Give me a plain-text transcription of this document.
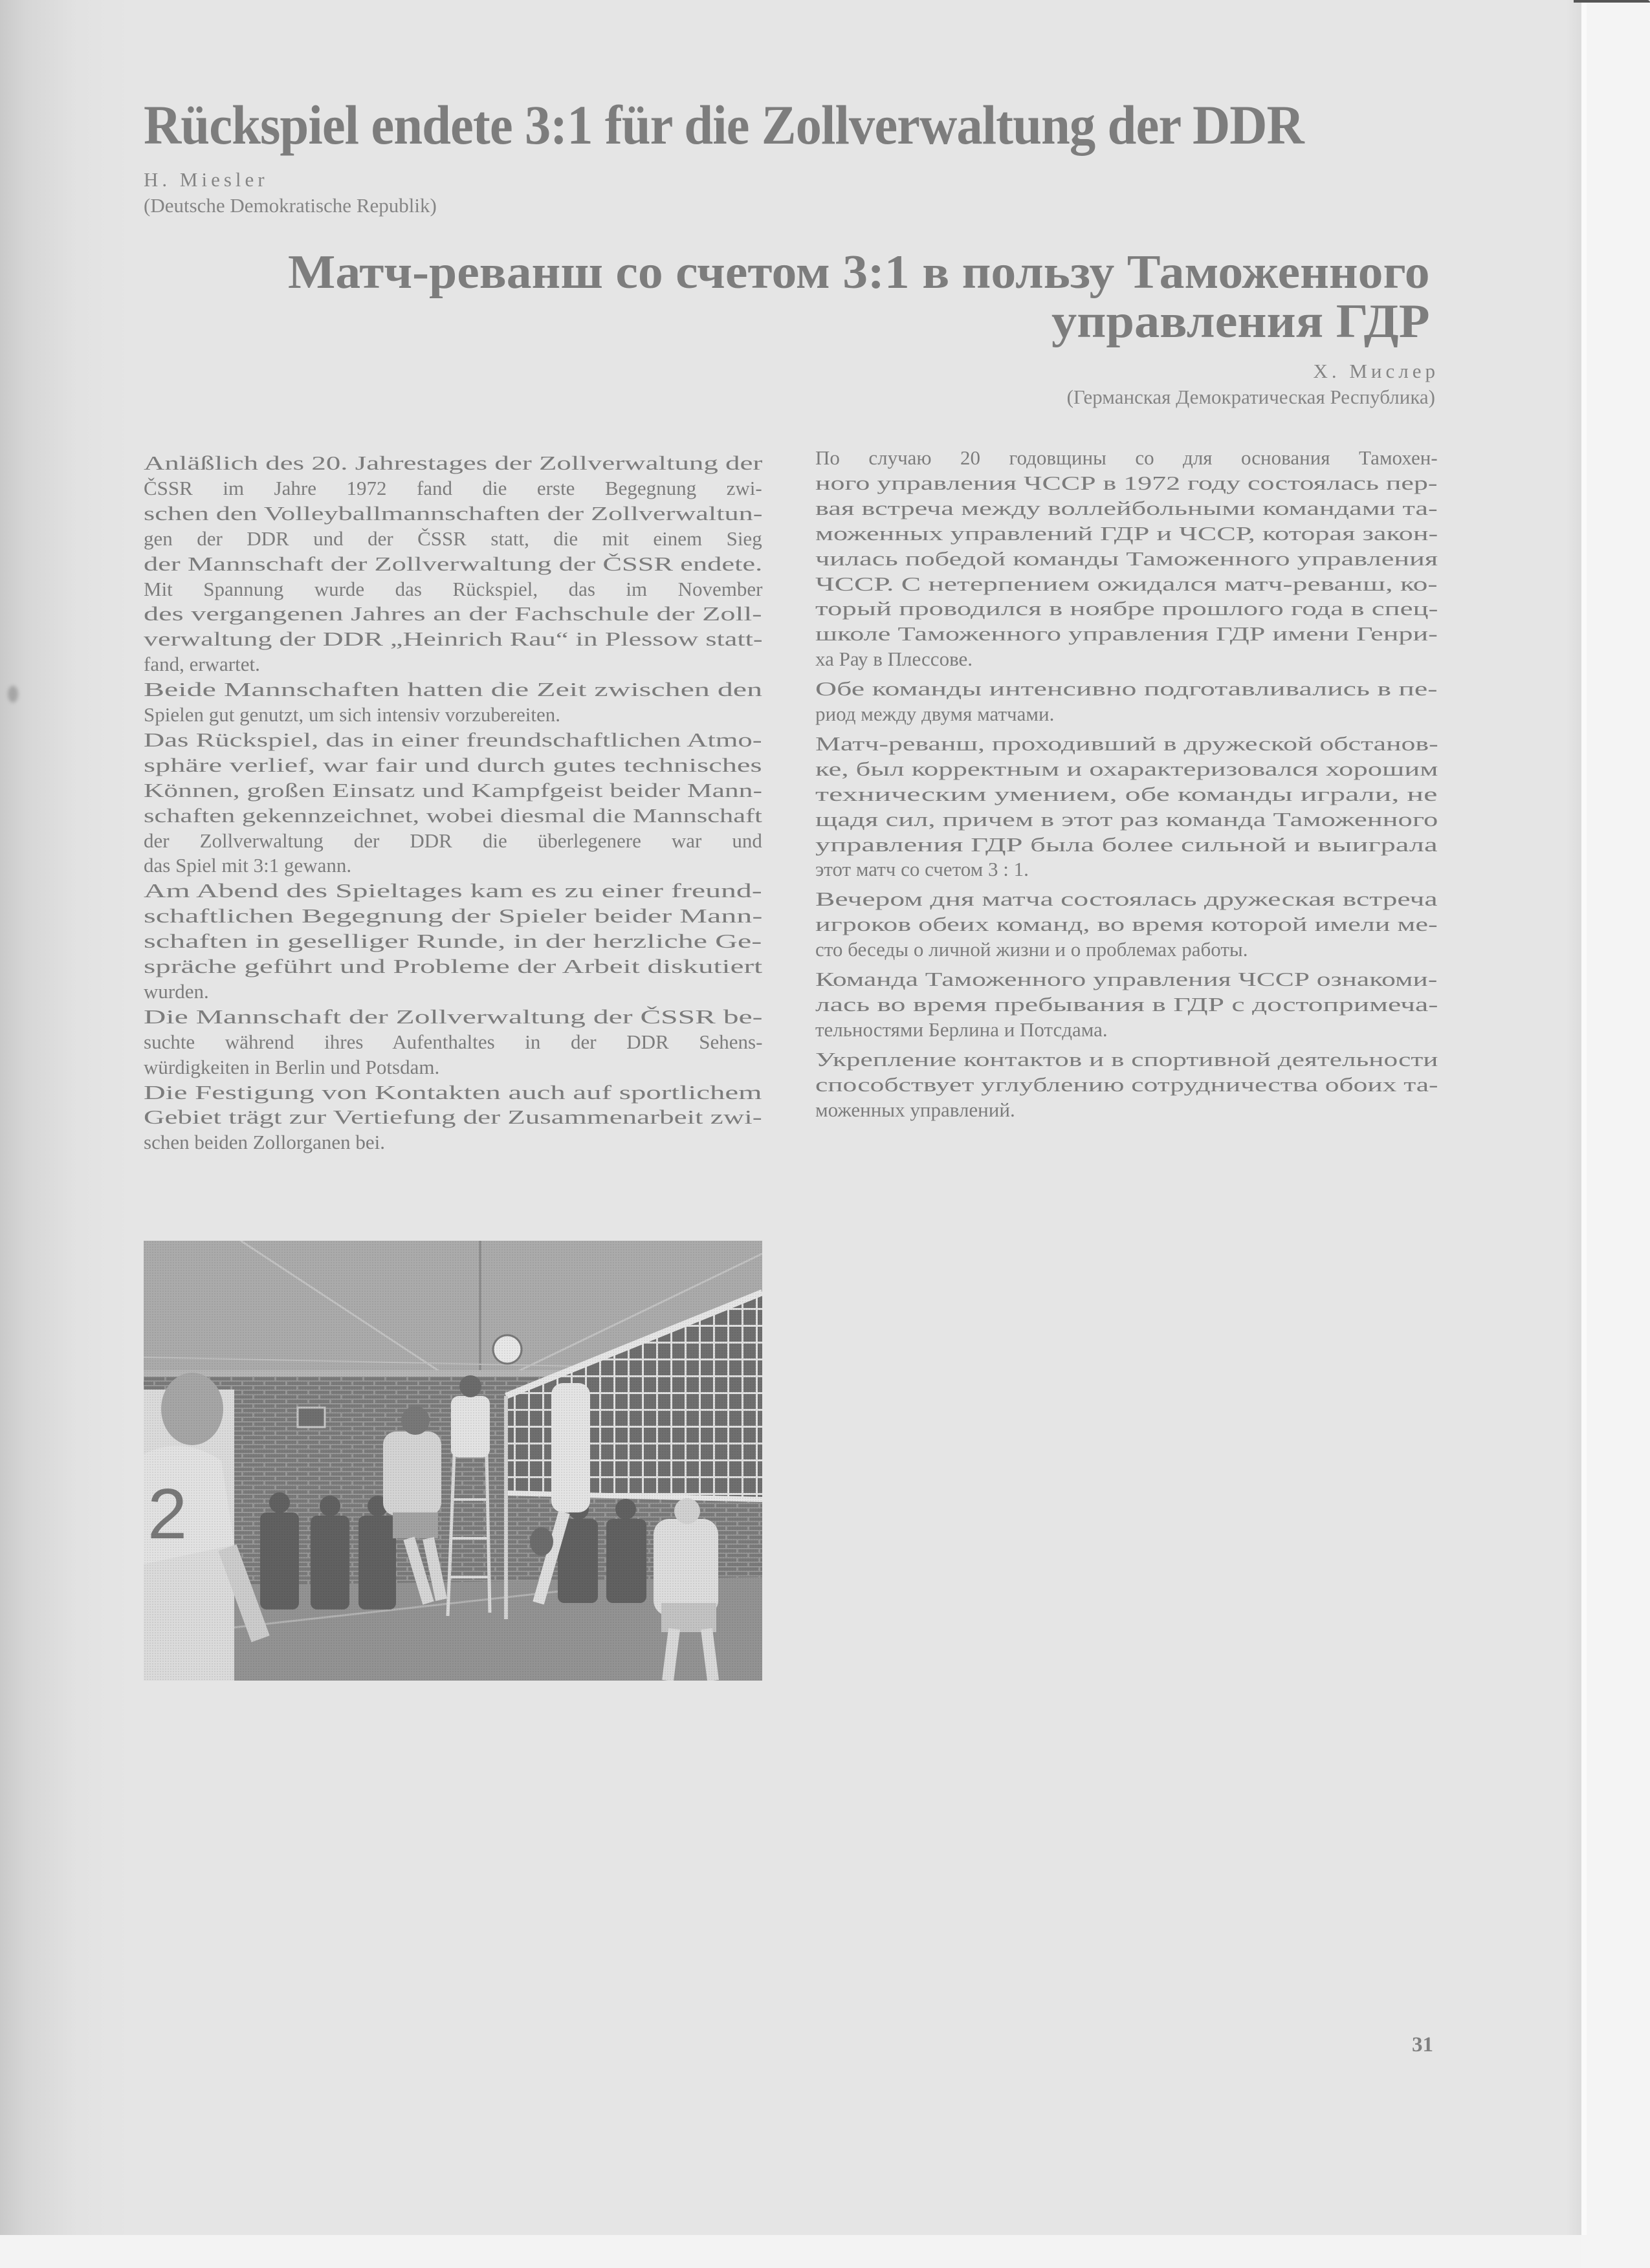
Rückspiel endete 3:1 für die Zollverwaltung der DDR
H. Miesler
(Deutsche Demokratische Republik)
Матч-реванш со счетом 3:1 в пользу Таможенного
управления ГДР
Х. Мислер
(Германская Демократическая Республика)
Anläßlich des 20. Jahrestages der Zollverwaltung der
ČSSR im Jahre 1972 fand die erste Begegnung zwi-
schen den Volleyballmannschaften der Zollverwaltun-
gen der DDR und der ČSSR statt, die mit einem Sieg
der Mannschaft der Zollverwaltung der ČSSR endete.
Mit Spannung wurde das Rückspiel, das im November
des vergangenen Jahres an der Fachschule der Zoll-
verwaltung der DDR „Heinrich Rau“ in Plessow statt-
fand, erwartet.
Beide Mannschaften hatten die Zeit zwischen den
Spielen gut genutzt, um sich intensiv vorzubereiten.
Das Rückspiel, das in einer freundschaftlichen Atmo-
sphäre verlief, war fair und durch gutes technisches
Können, großen Einsatz und Kampfgeist beider Mann-
schaften gekennzeichnet, wobei diesmal die Mannschaft
der Zollverwaltung der DDR die überlegenere war und
das Spiel mit 3:1 gewann.
Am Abend des Spieltages kam es zu einer freund-
schaftlichen Begegnung der Spieler beider Mann-
schaften in geselliger Runde, in der herzliche Ge-
spräche geführt und Probleme der Arbeit diskutiert
wurden.
Die Mannschaft der Zollverwaltung der ČSSR be-
suchte während ihres Aufenthaltes in der DDR Sehens-
würdigkeiten in Berlin und Potsdam.
Die Festigung von Kontakten auch auf sportlichem
Gebiet trägt zur Vertiefung der Zusammenarbeit zwi-
schen beiden Zollorganen bei.
По случаю 20 годовщины со для основания Тамохен-
ного управления ЧССР в 1972 году состоялась пер-
вая встреча между воллейбольными командами та-
моженных управлений ГДР и ЧССР, которая закон-
чилась победой команды Таможенного управления
ЧССР. С нетерпением ожидался матч-реванш, ко-
торый проводился в ноябре прошлого года в спец-
школе Таможенного управления ГДР имени Генри-
ха Рау в Плессове.
Обе команды интенсивно подготавливались в пе-
риод между двумя матчами.
Матч-реванш, проходивший в дружеской обстанов-
ке, был корректным и охарактеризовался хорошим
техническим умением, обе команды играли, не
щадя сил, причем в этот раз команда Таможенного
управления ГДР была более сильной и выиграла
этот матч со счетом 3 : 1.
Вечером дня матча состоялась дружеская встреча
игроков обеих команд, во время которой имели ме-
сто беседы о личной жизни и о проблемах работы.
Команда Таможенного управления ЧССР ознакоми-
лась во время пребывания в ГДР с достопримеча-
тельностями Берлина и Потсдама.
Укрепление контактов и в спортивной деятельности
способствует углублению сотрудничества обоих та-
моженных управлений.
31
